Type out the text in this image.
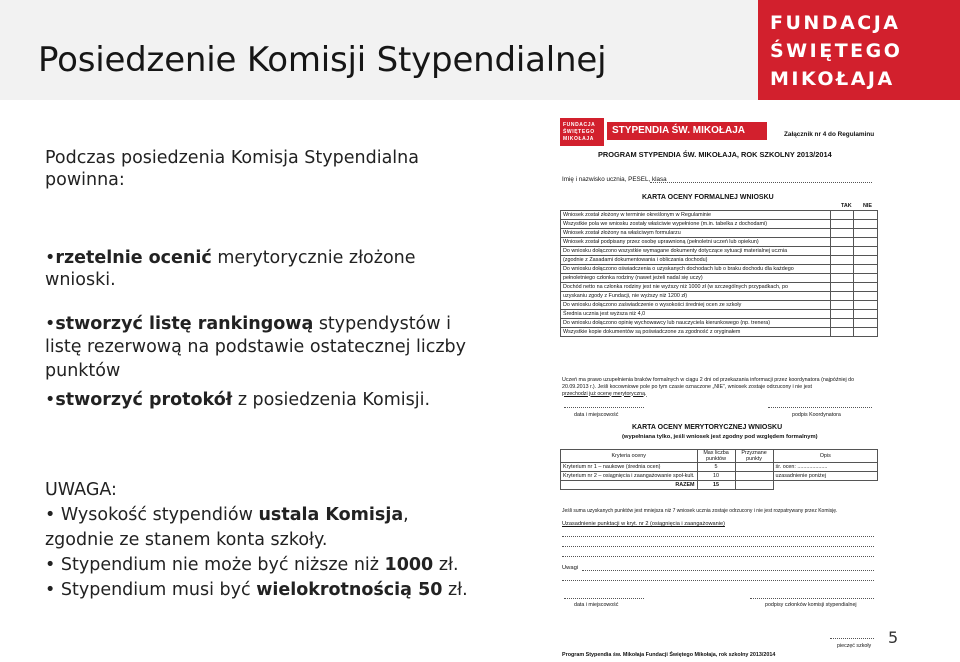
Posiedzenie Komisji Stypendialnej
FUNDACJA
ŚWIĘTEGO
MIKOŁAJA
Podczas posiedzenia Komisja Stypendialna
powinna:
•rzetelnie ocenić merytorycznie złożone
wnioski.
•stworzyć listę rankingową stypendystów i
listę rezerwową na podstawie ostatecznej liczby
punktów
•stworzyć protokół z posiedzenia Komisji.
UWAGA:
• Wysokość stypendiów ustala Komisja,
zgodnie ze stanem konta szkoły.
• Stypendium nie może być niższe niż 1000 zł.
• Stypendium musi być wielokrotnością 50 zł.
FUNDACJA
ŚWIĘTEGO
MIKOŁAJA
STYPENDIA ŚW. MIKOŁAJA	Załącznik nr 4 do Regulaminu
PROGRAM STYPENDIA ŚW. MIKOŁAJA, ROK SZKOLNY 2013/2014
Imię i nazwisko ucznia, PESEL, klasa
KARTA OCENY FORMALNEJ WNIOSKU
TAK NIE
Wniosek został złożony w terminie określonym w Regulaminie		
Wszystkie pola we wniosku zostały właściwie wypełnione (m.in. tabelka z dochodami)		
Wniosek został złożony na właściwym formularzu		
Wniosek został podpisany przez osobę uprawnioną (pełnoletni uczeń lub opiekun)		
Do wniosku dołączono wszystkie wymagane dokumenty dotyczące sytuacji materialnej ucznia		
(zgodnie z Zasadami dokumentowania i obliczania dochodu)		
Do wniosku dołączono oświadczenia o uzyskanych dochodach lub o braku dochodu dla każdego		
pełnoletniego członka rodziny (nawet jeżeli nadal się uczy)		
Dochód netto na członka rodziny jest nie wyższy niż 1000 zł (w szczególnych przypadkach, po		
uzyskaniu zgody z Fundacji, nie wyższy niż 1200 zł)		
Do wniosku dołączono zaświadczenie o wysokości średniej ocen ze szkoły		
Średnia ucznia jest wyższa niż 4,0		
Do wniosku dołączono opinię wychowawcy lub nauczyciela kierunkowego (np. trenera)		
Wszystkie kopie dokumentów są poświadczone za zgodność z oryginałem		
Uczeń ma prawo uzupełnienia braków formalnych w ciągu 2 dni od przekazania informacji przez koordynatora (najpóźniej do
20.09.2013 r.). Jeśli kocowniowe pole po tym czasie oznaczone „NIE”, wniosek zostaje odrzucony i nie jest
przechodzi już ocenę merytoryczną.
data i miejscowość	podpis Koordynatora
KARTA OCENY MERYTORYCZNEJ WNIOSKU
(wypełniana tylko, jeśli wniosek jest zgodny pod względem formalnym)
Kryteria oceny	Max liczba punktów	Przyznane punkty	Opis
Kryterium nr 1 – naukowe (średnia ocen)	5		śr. ocen: ....................
Kryterium nr 2 – osiągnięcia i zaangażowanie społ-kult.	10		uzasadnienie poniżej
RAZEM	15		
Jeśli suma uzyskanych punktów jest mniejsza niż 7 wniosek ucznia zostaje odrzucony i nie jest rozpatrywany przez Komisję.
Uzasadnienie punktacji w kryt. nr 2 (osiągnięcia i zaangażowanie)
Uwagi
data i miejscowość	podpisy członków komisji stypendialnej
pieczęć szkoły
Program Stypendia św. Mikołaja Fundacji Świętego Mikołaja, rok szkolny 2013/2014
5
